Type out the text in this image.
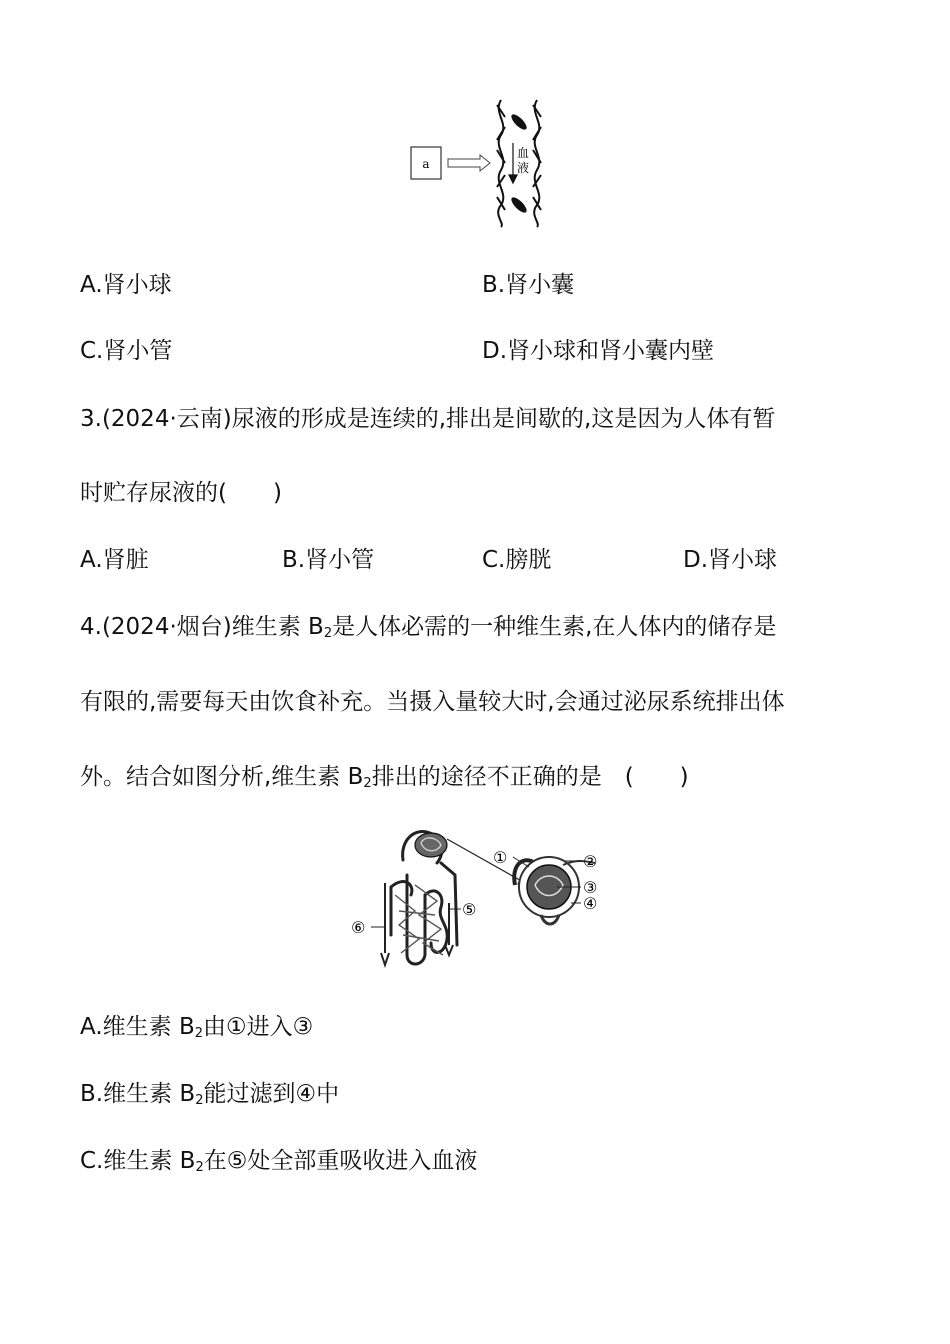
a
血
液
A.肾小球	B.肾小囊
C.肾小管	D.肾小球和肾小囊内壁
3.(2024·云南)尿液的形成是连续的,排出是间歇的,这是因为人体有暂
时贮存尿液的(　　)
A.肾脏	B.肾小管	C.膀胱	D.肾小球
4.(2024·烟台)维生素 $B_2$是人体必需的一种维生素,在人体内的储存是
有限的,需要每天由饮食补充。当摄入量较大时,会通过泌尿系统排出体
外。结合如图分析,维生素 $B_2$排出的途径不正确的是　(　　)
⑥
⑤
①	②
③
④
A.维生素 $B_2$由①进入③
B.维生素 $B_2$能过滤到④中
C.维生素 $B_2$在⑤处全部重吸收进入血液
